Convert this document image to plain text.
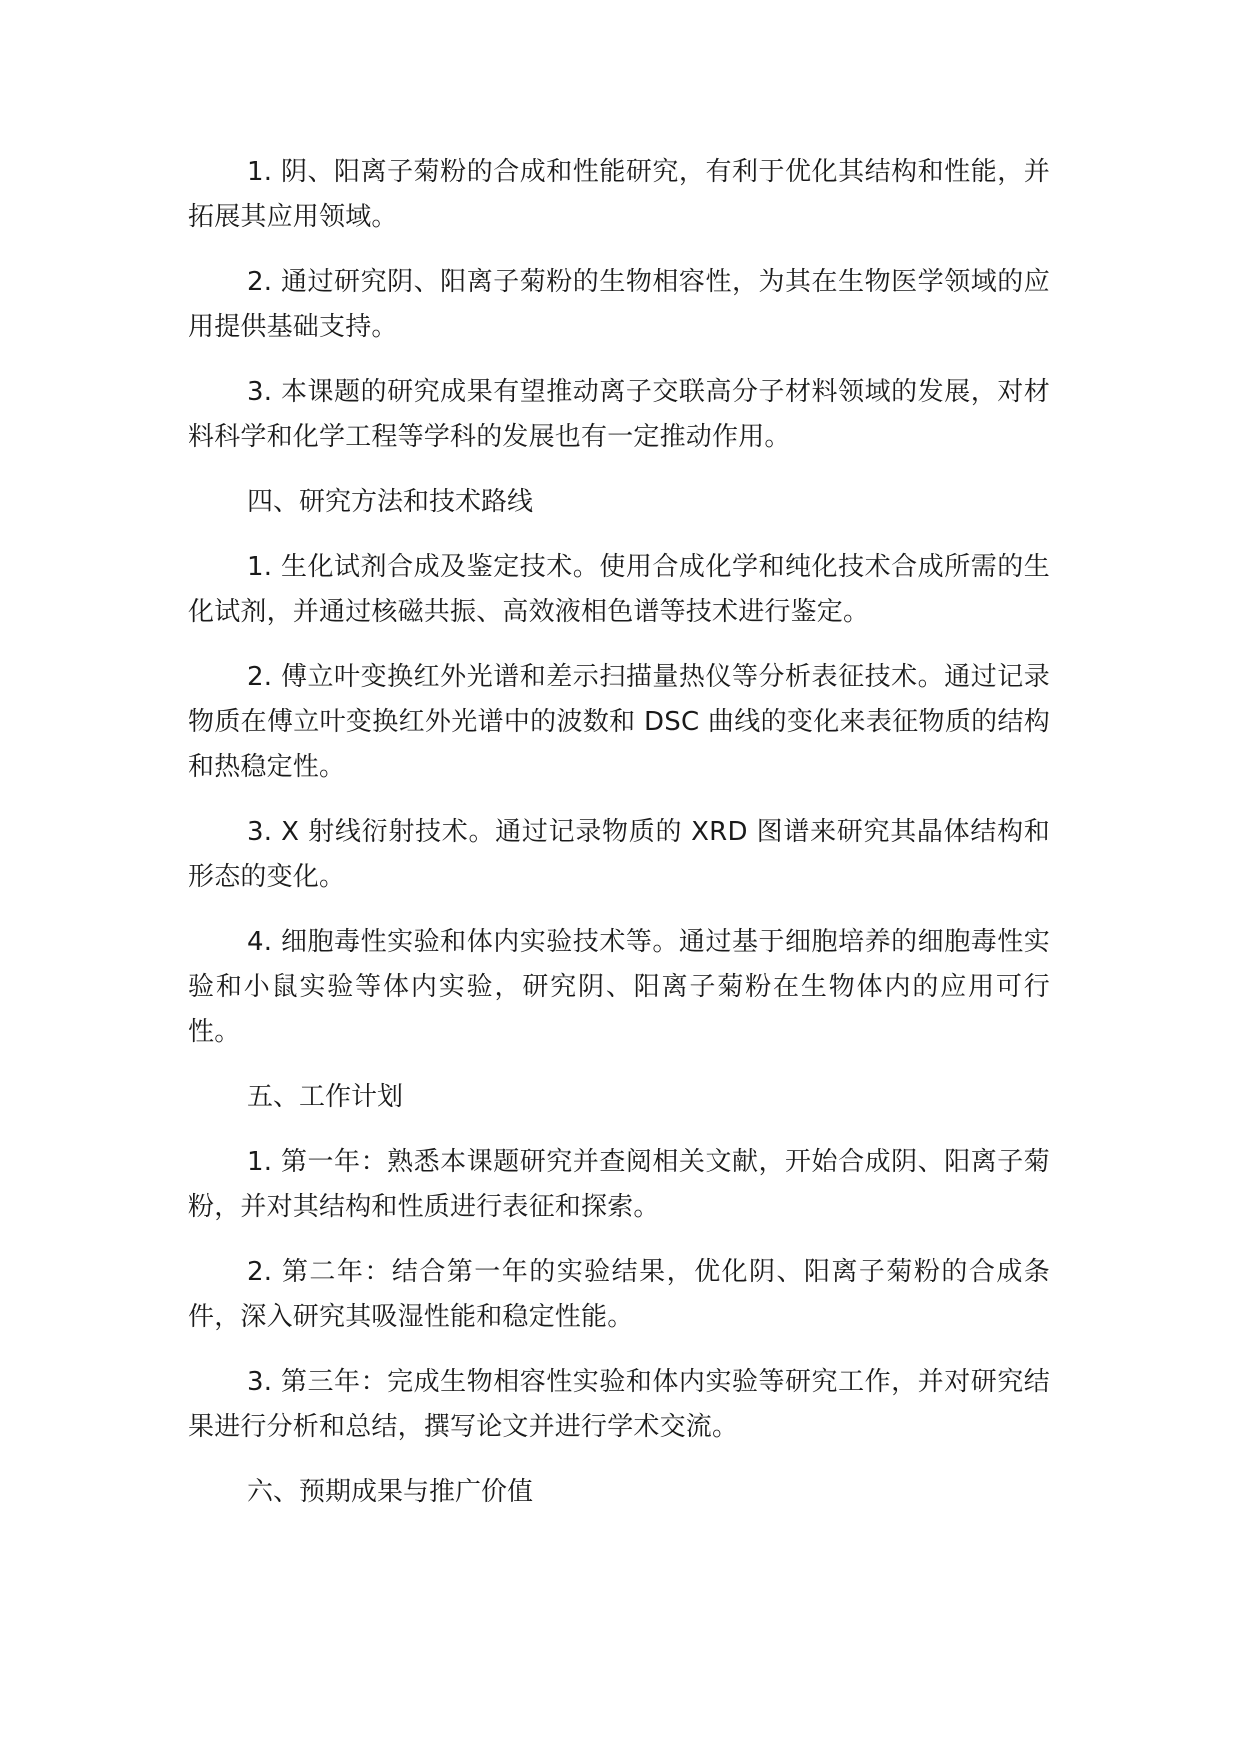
1. 阴、阳离子菊粉的合成和性能研究，有利于优化其结构和性能，并拓展其应用领域。

2. 通过研究阴、阳离子菊粉的生物相容性，为其在生物医学领域的应用提供基础支持。

3. 本课题的研究成果有望推动离子交联高分子材料领域的发展，对材料科学和化学工程等学科的发展也有一定推动作用。

四、研究方法和技术路线

1. 生化试剂合成及鉴定技术。使用合成化学和纯化技术合成所需的生化试剂，并通过核磁共振、高效液相色谱等技术进行鉴定。

2. 傅立叶变换红外光谱和差示扫描量热仪等分析表征技术。通过记录物质在傅立叶变换红外光谱中的波数和 DSC 曲线的变化来表征物质的结构和热稳定性。

3. X 射线衍射技术。通过记录物质的 XRD 图谱来研究其晶体结构和形态的变化。

4. 细胞毒性实验和体内实验技术等。通过基于细胞培养的细胞毒性实验和小鼠实验等体内实验，研究阴、阳离子菊粉在生物体内的应用可行性。

五、工作计划

1. 第一年：熟悉本课题研究并查阅相关文献，开始合成阴、阳离子菊粉，并对其结构和性质进行表征和探索。

2. 第二年：结合第一年的实验结果，优化阴、阳离子菊粉的合成条件，深入研究其吸湿性能和稳定性能。

3. 第三年：完成生物相容性实验和体内实验等研究工作，并对研究结果进行分析和总结，撰写论文并进行学术交流。

六、预期成果与推广价值
